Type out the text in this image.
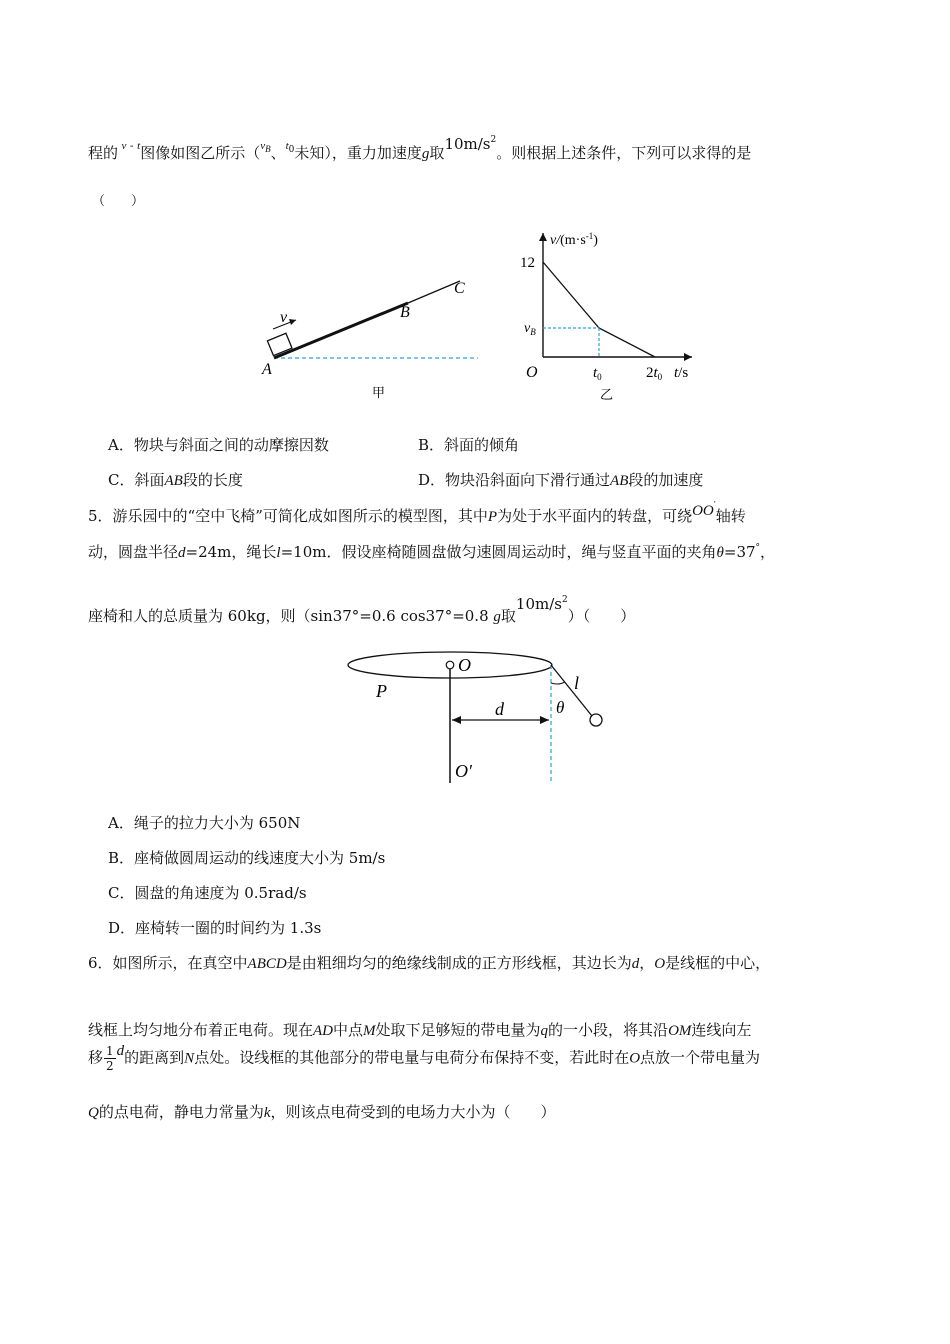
程的 $^{v - t}$图像如图乙所示（$^{v_B}$、$^{t_0}$未知），重力加速度g取$10m/s^2$。则根据上述条件，下列可以求得的是
（　　）
v
A
B
C
甲
$v/(m\cdot s^{-1})$
12
$v_B$
O	$t_0$	$2t_0$ t/s
乙
A．物块与斜面之间的动摩擦因数	B．斜面的倾角
C．斜面AB段的长度	D．物块沿斜面向下滑行通过AB段的加速度
5．游乐园中的“空中飞椅”可简化成如图所示的模型图，其中P为处于水平面内的转盘，可绕OO′轴转
动，圆盘半径d=24m，绳长l=10m．假设座椅随圆盘做匀速圆周运动时，绳与竖直平面的夹角θ=37°，
座椅和人的总质量为 60kg，则（sin37°=0.6 cos37°=0.8 g取$10m/s^2$）（　　）
O
P
d
l
θ
O′
A．绳子的拉力大小为 650N
B．座椅做圆周运动的线速度大小为 5m/s
C．圆盘的角速度为 0.5rad/s
D．座椅转一圈的时间约为 1.3s
6．如图所示，在真空中ABCD是由粗细均匀的绝缘线制成的正方形线框，其边长为d，O是线框的中心，
线框上均匀地分布着正电荷。现在AD中点M处取下足够短的带电量为q的一小段，将其沿OM连线向左
移 $\frac{1}{2}$ d的距离到N点处。设线框的其他部分的带电量与电荷分布保持不变，若此时在O点放一个带电量为
Q的点电荷，静电力常量为k，则该点电荷受到的电场力大小为（　　）
